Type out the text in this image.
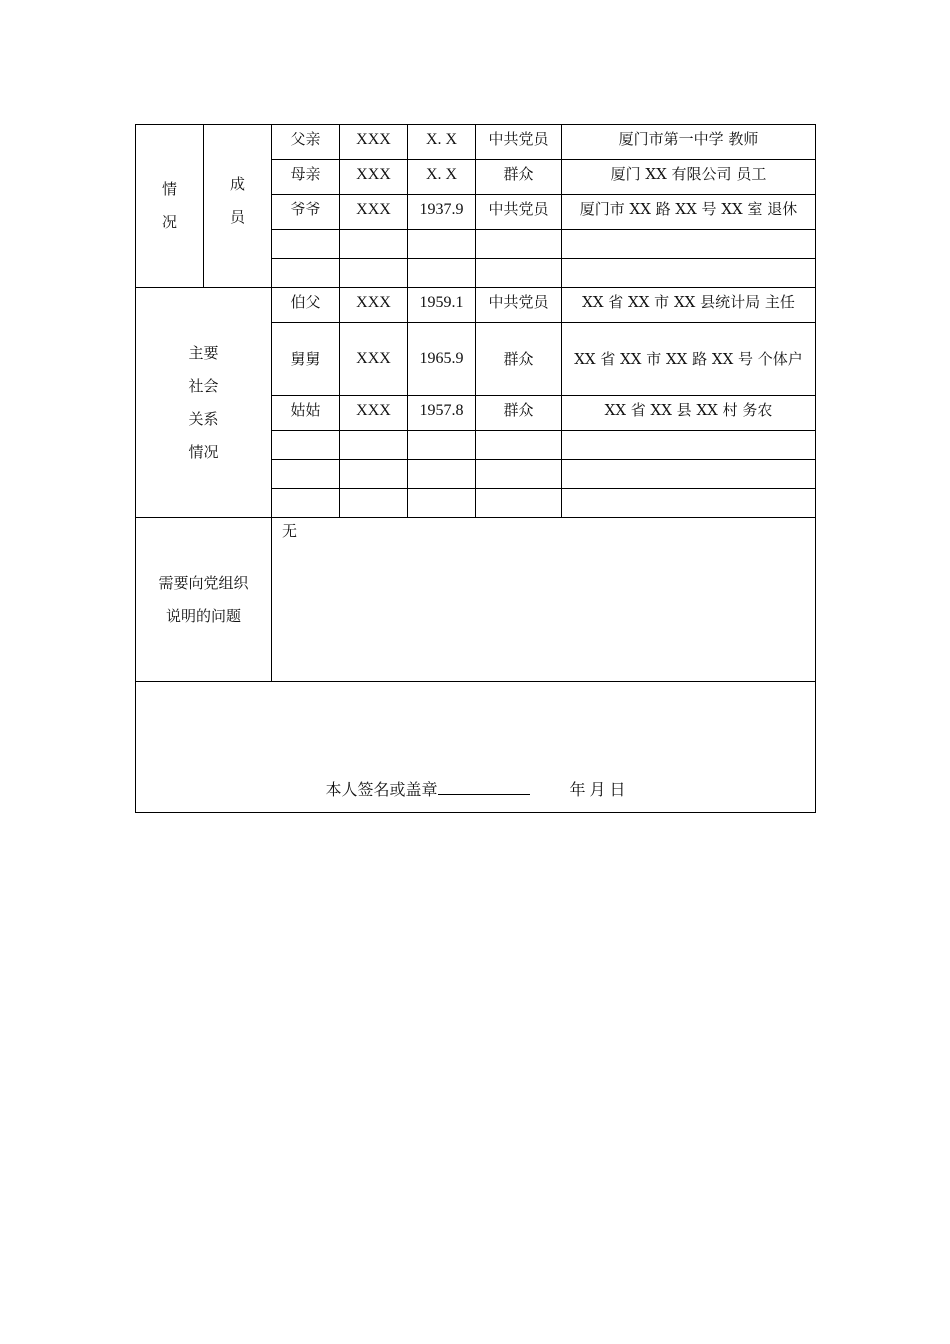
情
况	成
员	父亲	XXX	X. X	中共党员	厦门市第一中学 教师
		母亲	XXX	X. X	群众	厦门 XX 有限公司 员工
		爷爷	XXX	1937.9	中共党员	厦门市 XX 路 XX 号 XX 室 退休

主要
社会
关系
情况		伯父	XXX	1959.1	中共党员	XX 省 XX 市 XX 县统计局 主任
		舅舅	XXX	1965.9	群众	XX 省 XX 市 XX 路 XX 号 个体户
		姑姑	XXX	1957.8	群众	XX 省 XX 县 XX 村 务农

需要向党组织
说明的问题		无				
本人签名或盖章 年 月 日						
